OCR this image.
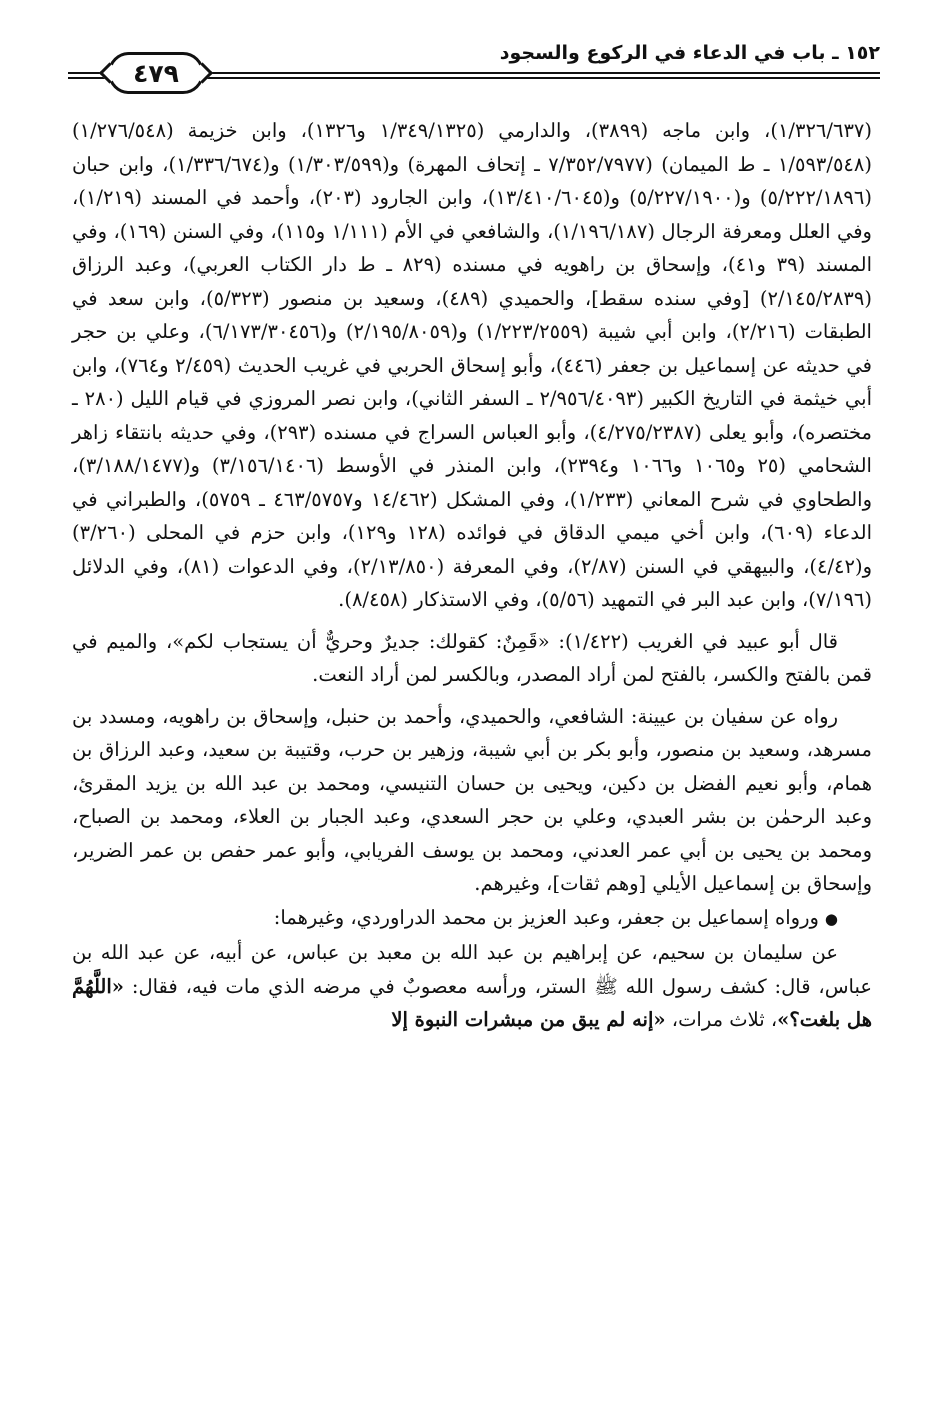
٤٧٩
١٥٢ ـ باب في الدعاء في الركوع والسجود

(١/٣٢٦/٦٣٧)، وابن ماجه (٣٨٩٩)، والدارمي (١/٣٤٩/١٣٢٥ و١٣٢٦)، وابن خزيمة (١/٢٧٦/٥٤٨) (١/٥٩٣/٥٤٨ ـ ط الميمان) (٧/٣٥٢/٧٩٧٧ ـ إتحاف المهرة) و(١/٣٠٣/٥٩٩) و(١/٣٣٦/٦٧٤)، وابن حبان (٥/٢٢٢/١٨٩٦) و(٥/٢٢٧/١٩٠٠) و(١٣/٤١٠/٦٠٤٥)، وابن الجارود (٢٠٣)، وأحمد في المسند (١/٢١٩)، وفي العلل ومعرفة الرجال (١/١٩٦/١٨٧)، والشافعي في الأم (١/١١١ و١١٥)، وفي السنن (١٦٩)، وفي المسند (٣٩ و٤١)، وإسحاق بن راهويه في مسنده (٨٢٩ ـ ط دار الكتاب العربي)، وعبد الرزاق (٢/١٤٥/٢٨٣٩) [وفي سنده سقط]، والحميدي (٤٨٩)، وسعيد بن منصور (٥/٣٢٣)، وابن سعد في الطبقات (٢/٢١٦)، وابن أبي شيبة (١/٢٢٣/٢٥٥٩) و(٢/١٩٥/٨٠٥٩) و(٦/١٧٣/٣٠٤٥٦)، وعلي بن حجر في حديثه عن إسماعيل بن جعفر (٤٤٦)، وأبو إسحاق الحربي في غريب الحديث (٢/٤٥٩ و٧٦٤)، وابن أبي خيثمة في التاريخ الكبير (٢/٩٥٦/٤٠٩٣ ـ السفر الثاني)، وابن نصر المروزي في قيام الليل (٢٨٠ ـ مختصره)، وأبو يعلى (٤/٢٧٥/٢٣٨٧)، وأبو العباس السراج في مسنده (٢٩٣)، وفي حديثه بانتقاء زاهر الشحامي (٢٥ و١٠٦٥ و١٠٦٦ و٢٣٩٤)، وابن المنذر في الأوسط (٣/١٥٦/١٤٠٦) و(٣/١٨٨/١٤٧٧)، والطحاوي في شرح المعاني (١/٢٣٣)، وفي المشكل (١٤/٤٦٢ و٤٦٣/٥٧٥٧ ـ ٥٧٥٩)، والطبراني في الدعاء (٦٠٩)، وابن أخي ميمي الدقاق في فوائده (١٢٨ و١٢٩)، وابن حزم في المحلى (٣/٢٦٠) و(٤/٤٢)، والبيهقي في السنن (٢/٨٧)، وفي المعرفة (٢/١٣/٨٥٠)، وفي الدعوات (٨١)، وفي الدلائل (٧/١٩٦)، وابن عبد البر في التمهيد (٥/٥٦)، وفي الاستذكار (٨/٤٥٨).

قال أبو عبيد في الغريب (١/٤٢٢): «قَمِنٌ: كقولك: جديرٌ وحريٌّ أن يستجاب لكم»، والميم في قمن بالفتح والكسر، بالفتح لمن أراد المصدر، وبالكسر لمن أراد النعت.

رواه عن سفيان بن عيينة: الشافعي، والحميدي، وأحمد بن حنبل، وإسحاق بن راهويه، ومسدد بن مسرهد، وسعيد بن منصور، وأبو بكر بن أبي شيبة، وزهير بن حرب، وقتيبة بن سعيد، وعبد الرزاق بن همام، وأبو نعيم الفضل بن دكين، ويحيى بن حسان التنيسي، ومحمد بن عبد الله بن يزيد المقرئ، وعبد الرحمٰن بن بشر العبدي، وعلي بن حجر السعدي، وعبد الجبار بن العلاء، ومحمد بن الصباح، ومحمد بن يحيى بن أبي عمر العدني، ومحمد بن يوسف الفريابي، وأبو عمر حفص بن عمر الضرير، وإسحاق بن إسماعيل الأيلي [وهم ثقات]، وغيرهم.

●ورواه إسماعيل بن جعفر، وعبد العزيز بن محمد الدراوردي، وغيرهما:

عن سليمان بن سحيم، عن إبراهيم بن عبد الله بن معبد بن عباس، عن أبيه، عن عبد الله بن عباس، قال: كشف رسول الله ﷺ الستر، ورأسه معصوبٌ في مرضه الذي مات فيه، فقال: «اللَّهُمَّ هل بلغت؟»، ثلاث مرات، «إنه لم يبق من مبشرات النبوة إلا
